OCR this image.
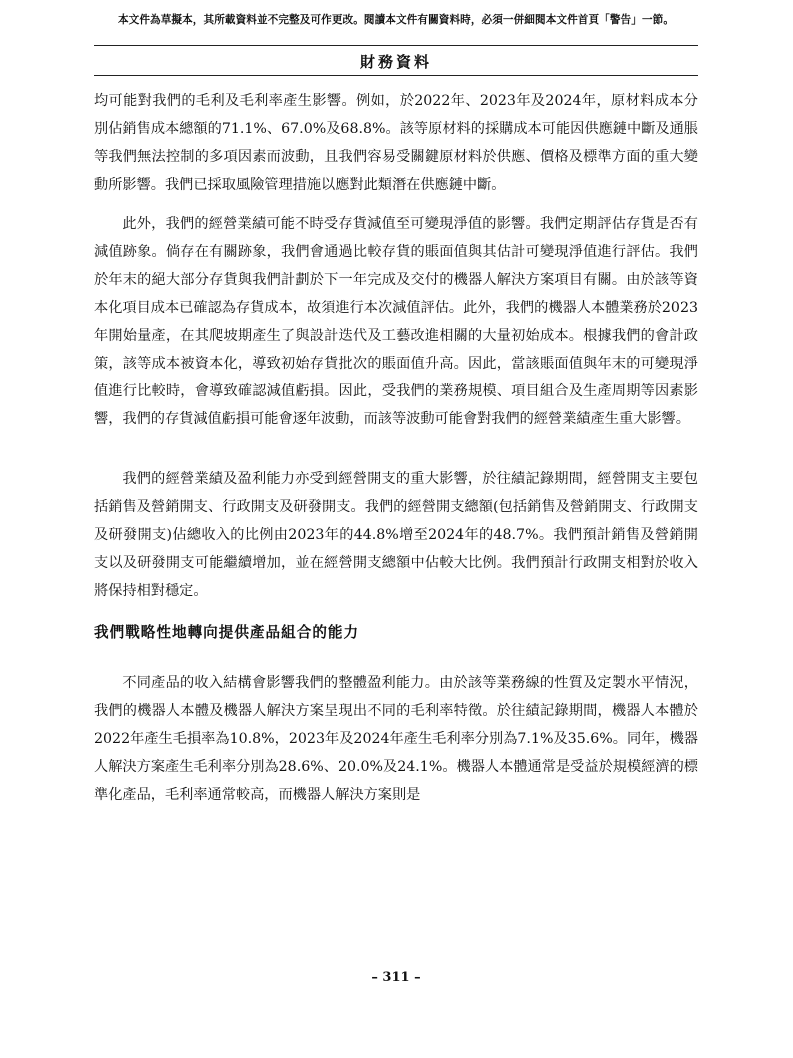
本文件為草擬本，其所載資料並不完整及可作更改。閱讀本文件有關資料時，必須一併細閱本文件首頁「警告」一節。
財務資料

均可能對我們的毛利及毛利率產生影響。例如，於2022年、2023年及2024年，原材料成本分別佔銷售成本總額的71.1%、67.0%及68.8%。該等原材料的採購成本可能因供應鏈中斷及通脹等我們無法控制的多項因素而波動，且我們容易受關鍵原材料於供應、價格及標準方面的重大變動所影響。我們已採取風險管理措施以應對此類潛在供應鏈中斷。

此外，我們的經營業績可能不時受存貨減值至可變現淨值的影響。我們定期評估存貨是否有減值跡象。倘存在有關跡象，我們會通過比較存貨的賬面值與其估計可變現淨值進行評估。我們於年末的絕大部分存貨與我們計劃於下一年完成及交付的機器人解決方案項目有關。由於該等資本化項目成本已確認為存貨成本，故須進行本次減值評估。此外，我們的機器人本體業務於2023年開始量產，在其爬坡期產生了與設計迭代及工藝改進相關的大量初始成本。根據我們的會計政策，該等成本被資本化，導致初始存貨批次的賬面值升高。因此，當該賬面值與年末的可變現淨值進行比較時，會導致確認減值虧損。因此，受我們的業務規模、項目組合及生產周期等因素影響，我們的存貨減值虧損可能會逐年波動，而該等波動可能會對我們的經營業績產生重大影響。

我們的經營業績及盈利能力亦受到經營開支的重大影響，於往績記錄期間，經營開支主要包括銷售及營銷開支、行政開支及研發開支。我們的經營開支總額(包括銷售及營銷開支、行政開支及研發開支)佔總收入的比例由2023年的44.8%增至2024年的48.7%。我們預計銷售及營銷開支以及研發開支可能繼續增加，並在經營開支總額中佔較大比例。我們預計行政開支相對於收入將保持相對穩定。

我們戰略性地轉向提供產品組合的能力

不同產品的收入結構會影響我們的整體盈利能力。由於該等業務線的性質及定製水平情況，我們的機器人本體及機器人解決方案呈現出不同的毛利率特徵。於往績記錄期間，機器人本體於2022年產生毛損率為10.8%，2023年及2024年產生毛利率分別為7.1%及35.6%。同年，機器人解決方案產生毛利率分別為28.6%、20.0%及24.1%。機器人本體通常是受益於規模經濟的標準化產品，毛利率通常較高，而機器人解決方案則是

– 311 –
